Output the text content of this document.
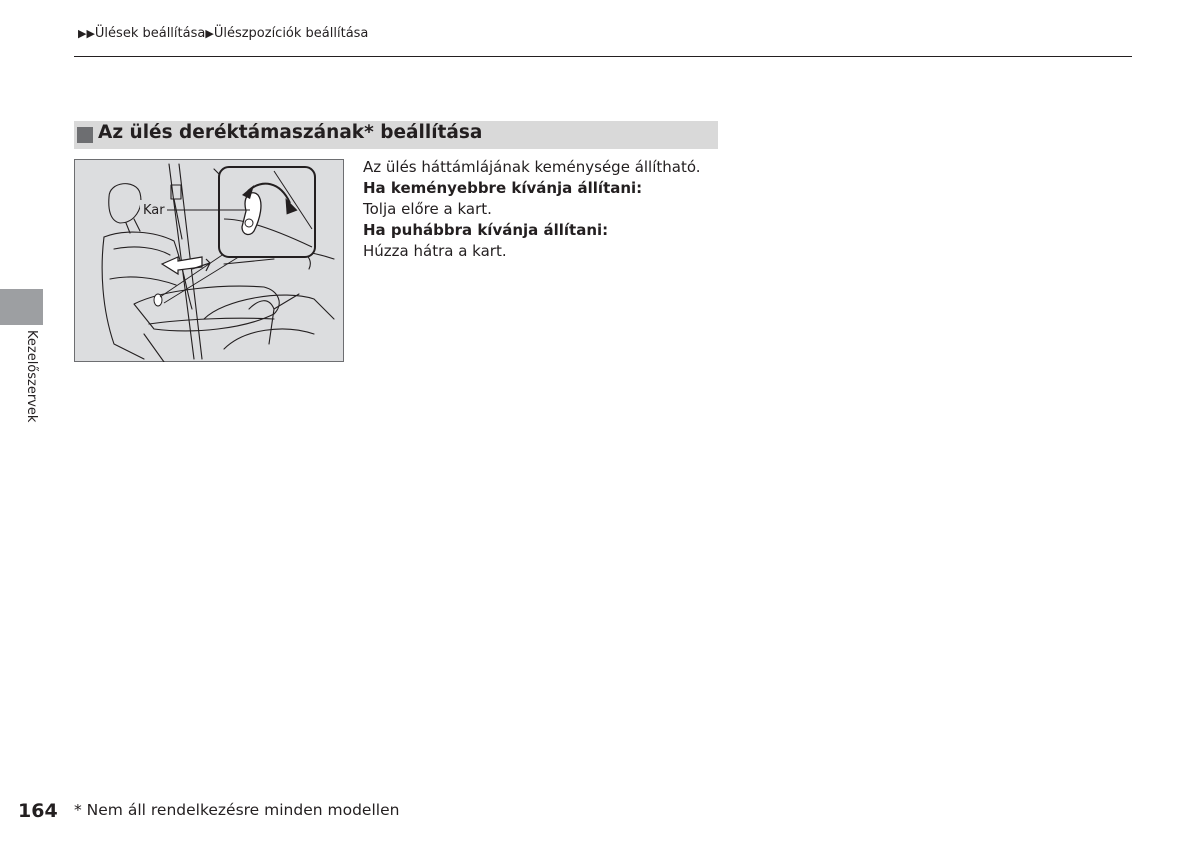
▶▶Ülések beállítása▶Ülészpozíciók beállítása
Az ülés deréktámaszának* beállítása
Kar
Az ülés háttámlájának keménysége állítható.
Ha keményebbre kívánja állítani:
Tolja előre a kart.
Ha puhábbra kívánja állítani:
Húzza hátra a kart.
Kezelőszervek
164 * Nem áll rendelkezésre minden modellen
